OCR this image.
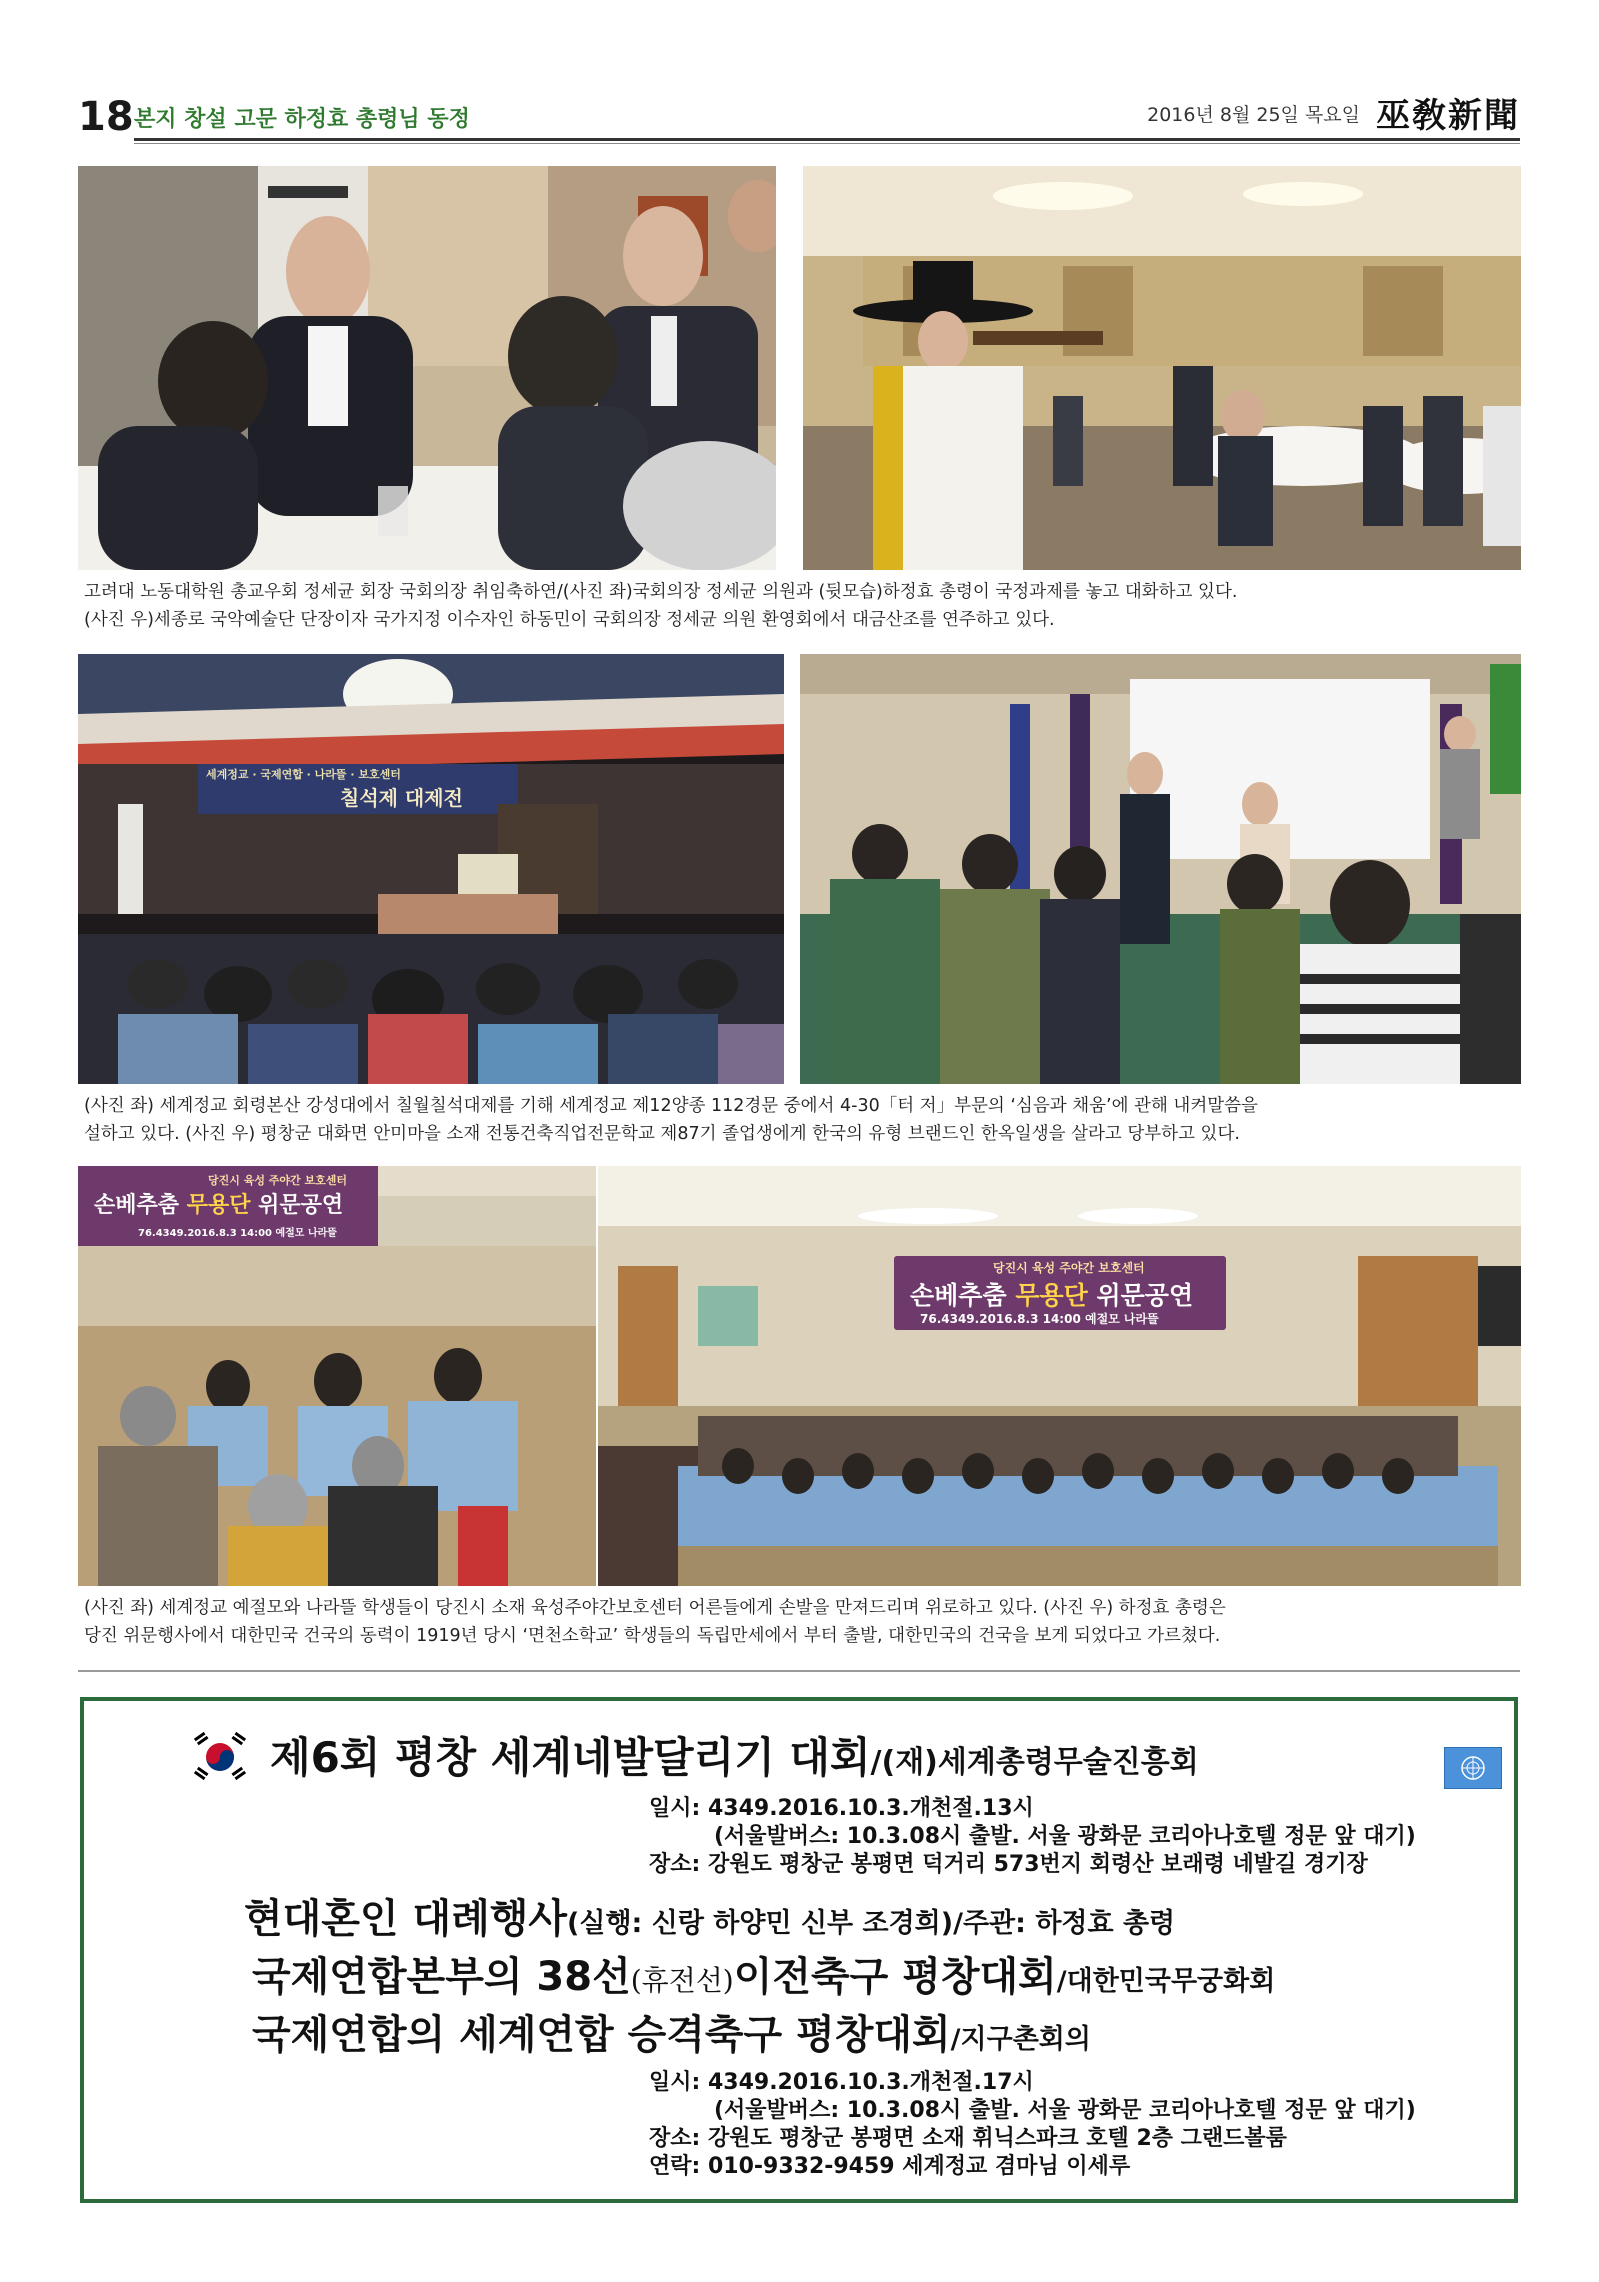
18 본지 창설 고문 하정효 총령님 동정	2016년 8월 25일 목요일 巫敎新聞

고려대 노동대학원 총교우회 정세균 회장 국회의장 취임축하연/(사진 좌)국회의장 정세균 의원과 (뒷모습)하정효 총령이 국정과제를 놓고 대화하고 있다.

(사진 우)세종로 국악예술단 단장이자 국가지정 이수자인 하동민이 국회의장 정세균 의원 환영회에서 대금산조를 연주하고 있다.

세계정교 · 국제연합 · 나라뜰 · 보호센터
칠석제 대제전

(사진 좌) 세계정교 회령본산 강성대에서 칠월칠석대제를 기해 세계정교 제12양종 112경문 중에서 4-30「터 저」부문의 ‘심음과 채움’에 관해 내켜말씀을

설하고 있다. (사진 우) 평창군 대화면 안미마을 소재 전통건축직업전문학교 제87기 졸업생에게 한국의 유형 브랜드인 한옥일생을 살라고 당부하고 있다.

당진시 육성 주야간 보호센터
손베추춤 무용단 위문공연
76.4349.2016.8.3 14:00 예절모 나라뜰
당진시 육성 주야간 보호센터
손베추춤 무용단 위문공연
76.4349.2016.8.3 14:00 예절모 나라뜰

(사진 좌) 세계정교 예절모와 나라뜰 학생들이 당진시 소재 육성주야간보호센터 어른들에게 손발을 만져드리며 위로하고 있다. (사진 우) 하정효 총령은

당진 위문행사에서 대한민국 건국의 동력이 1919년 당시 ‘면천소학교’ 학생들의 독립만세에서 부터 출발, 대한민국의 건국을 보게 되었다고 가르쳤다.

제6회 평창 세계네발달리기 대회/(재)세계총령무술진흥회
일시: 4349.2016.10.3.개천절.13시
(서울발버스: 10.3.08시 출발. 서울 광화문 코리아나호텔 정문 앞 대기)
장소: 강원도 평창군 봉평면 덕거리 573번지 회령산 보래령 네발길 경기장
현대혼인 대례행사(실행: 신랑 하양민 신부 조경희)/주관: 하정효 총령
국제연합본부의 38선(휴전선)이전축구 평창대회/대한민국무궁화회
국제연합의 세계연합 승격축구 평창대회/지구촌회의
일시: 4349.2016.10.3.개천절.17시
(서울발버스: 10.3.08시 출발. 서울 광화문 코리아나호텔 정문 앞 대기)
장소: 강원도 평창군 봉평면 소재 휘닉스파크 호텔 2층 그랜드볼룸
연락: 010-9332-9459 세계정교 겸마님 이세루
